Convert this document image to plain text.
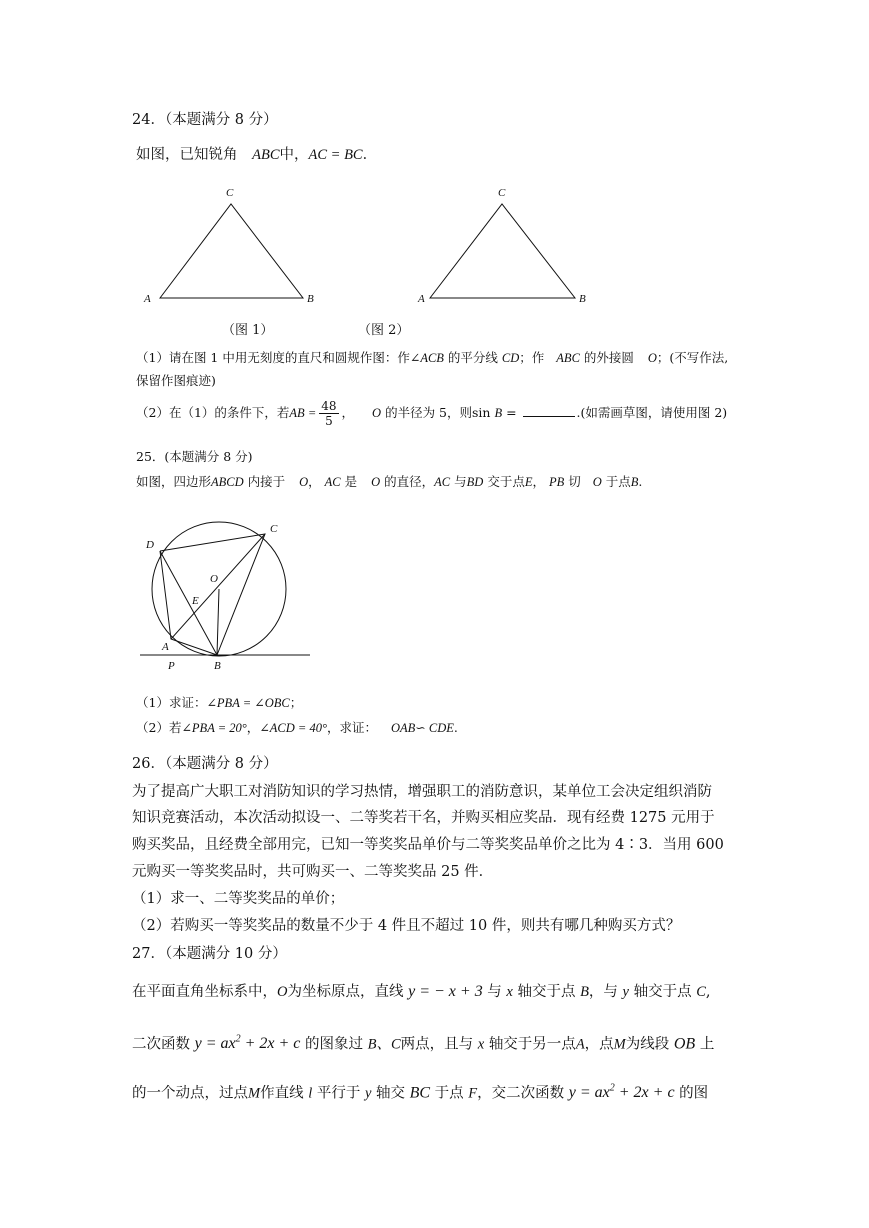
24．（本题满分 8 分）
如图，已知锐角 ABC中，AC = BC．
C
A	B
（图 1）
C
A	B
（图 2）
（1）请在图 1 中用无刻度的直尺和圆规作图：作∠ACB 的平分线 CD；作 ABC 的外接圆 O；(不写作法,
保留作图痕迹)
（2）在（1）的条件下，若AB = $\frac{48}{5}$ ， O 的半径为 5，则sin B =	.(如需画草图，请使用图 2)
25．(本题满分 8 分)
如图，四边形ABCD 内接于 O， AC 是 O 的直径，AC 与BD 交于点E， PB 切 O 于点B.
D
C
O
E
A
P	B
（1）求证：∠PBA = ∠OBC；
（2）若∠PBA = 20°，∠ACD = 40°，求证： OAB∽ CDE.
26．（本题满分 8 分）
为了提高广大职工对消防知识的学习热情，增强职工的消防意识，某单位工会决定组织消防
知识竞赛活动，本次活动拟设一、二等奖若干名，并购买相应奖品．现有经费 1275 元用于
购买奖品，且经费全部用完，已知一等奖奖品单价与二等奖奖品单价之比为 4∶3．当用 600
元购买一等奖奖品时，共可购买一、二等奖奖品 25 件．
（1）求一、二等奖奖品的单价；
（2）若购买一等奖奖品的数量不少于 4 件且不超过 10 件，则共有哪几种购买方式？
27．（本题满分 10 分）
在平面直角坐标系中，O为坐标原点，直线 y = − x + 3 与 x 轴交于点 B，与 y 轴交于点 C,
二次函数 $y = ax^2 + 2x + c$ 的图象过 B、C两点，且与 x 轴交于另一点A，点M为线段 OB 上
的一个动点，过点M作直线 l 平行于 y 轴交 BC 于点 F，交二次函数 $y = ax^2 + 2x + c$ 的图
